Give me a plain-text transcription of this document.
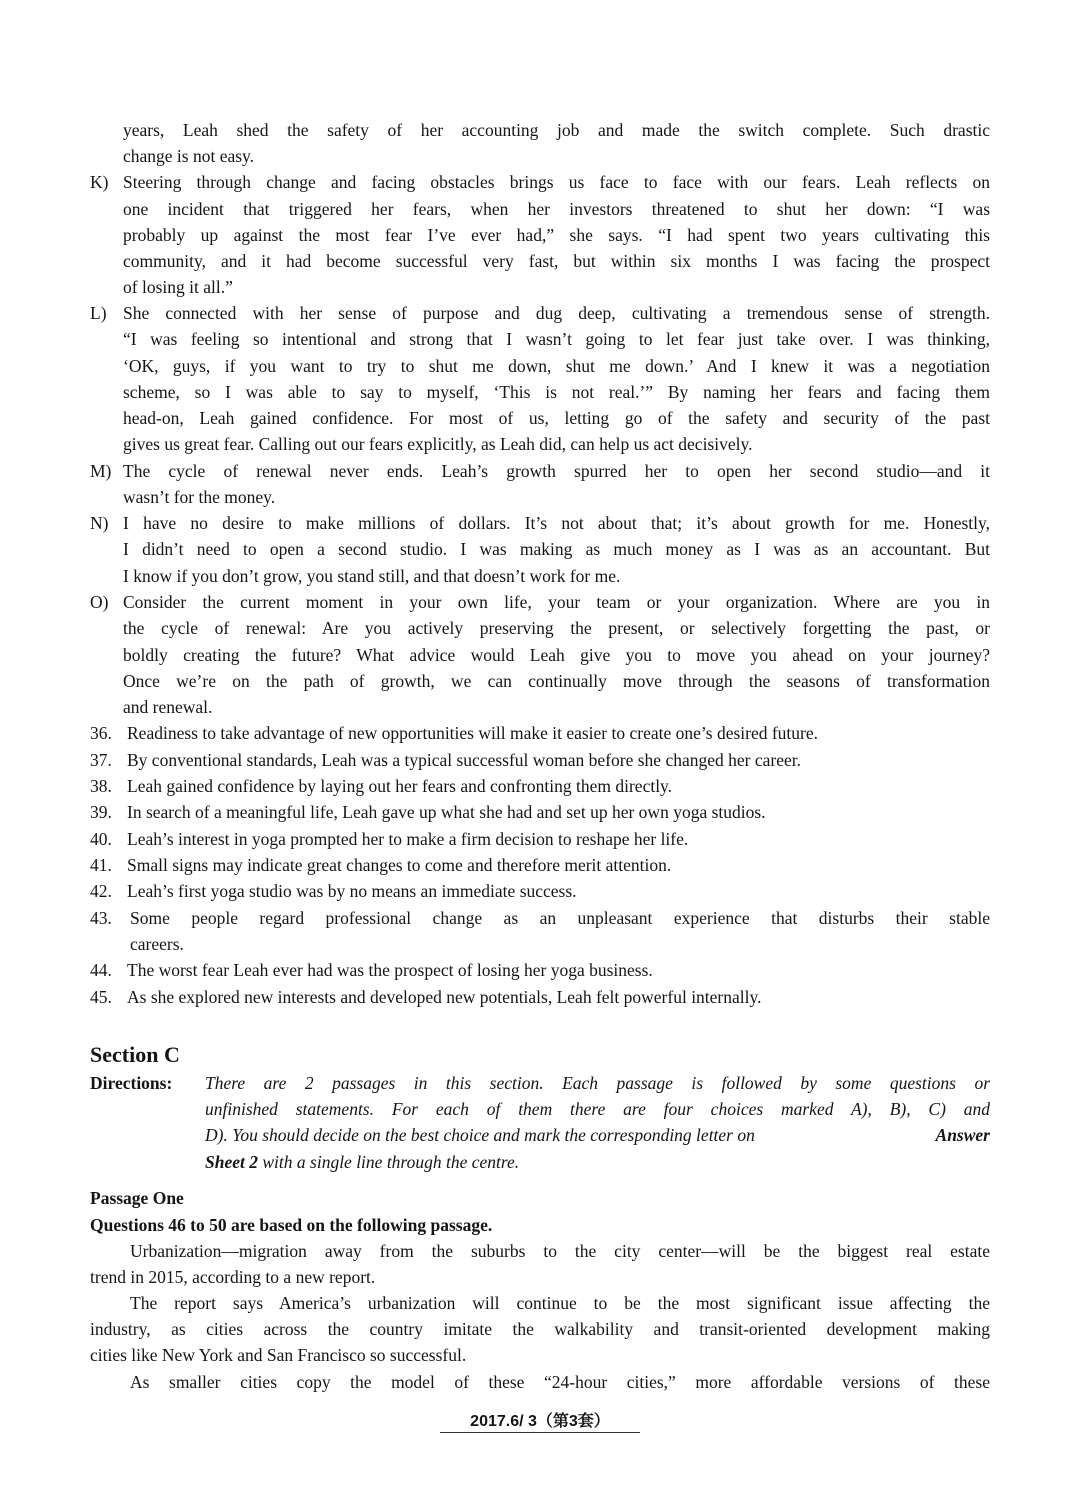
years, Leah shed the safety of her accounting job and made the switch complete. Such drastic
change is not easy.
K) Steering through change and facing obstacles brings us face to face with our fears. Leah reflects on
one incident that triggered her fears, when her investors threatened to shut her down: “I was
probably up against the most fear I’ve ever had,” she says. “I had spent two years cultivating this
community, and it had become successful very fast, but within six months I was facing the prospect
of losing it all.”
L) She connected with her sense of purpose and dug deep, cultivating a tremendous sense of strength.
“I was feeling so intentional and strong that I wasn’t going to let fear just take over. I was thinking,
‘OK, guys, if you want to try to shut me down, shut me down.’ And I knew it was a negotiation
scheme, so I was able to say to myself, ‘This is not real.’” By naming her fears and facing them
head-on, Leah gained confidence. For most of us, letting go of the safety and security of the past
gives us great fear. Calling out our fears explicitly, as Leah did, can help us act decisively.
M) The cycle of renewal never ends. Leah’s growth spurred her to open her second studio—and it
wasn’t for the money.
N) I have no desire to make millions of dollars. It’s not about that; it’s about growth for me. Honestly,
I didn’t need to open a second studio. I was making as much money as I was as an accountant. But
I know if you don’t grow, you stand still, and that doesn’t work for me.
O) Consider the current moment in your own life, your team or your organization. Where are you in
the cycle of renewal: Are you actively preserving the present, or selectively forgetting the past, or
boldly creating the future? What advice would Leah give you to move you ahead on your journey?
Once we’re on the path of growth, we can continually move through the seasons of transformation
and renewal.
36. Readiness to take advantage of new opportunities will make it easier to create one’s desired future.
37. By conventional standards, Leah was a typical successful woman before she changed her career.
38. Leah gained confidence by laying out her fears and confronting them directly.
39. In search of a meaningful life, Leah gave up what she had and set up her own yoga studios.
40. Leah’s interest in yoga prompted her to make a firm decision to reshape her life.
41. Small signs may indicate great changes to come and therefore merit attention.
42. Leah’s first yoga studio was by no means an immediate success.
43. Some people regard professional change as an unpleasant experience that disturbs their stable
careers.
44. The worst fear Leah ever had was the prospect of losing her yoga business.
45. As she explored new interests and developed new potentials, Leah felt powerful internally.
Section C
Directions: There are 2 passages in this section. Each passage is followed by some questions or
unfinished statements. For each of them there are four choices marked A), B), C) and
D). You should decide on the best choice and mark the corresponding letter on	Answer
Sheet 2 with a single line through the centre.
Passage One
Questions 46 to 50 are based on the following passage.
Urbanization—migration away from the suburbs to the city center—will be the biggest real estate
trend in 2015, according to a new report.
The report says America’s urbanization will continue to be the most significant issue affecting the
industry, as cities across the country imitate the walkability and transit-oriented development making
cities like New York and San Francisco so successful.
As smaller cities copy the model of these “24-hour cities,” more affordable versions of these
2017.6/ 3（第3套）
